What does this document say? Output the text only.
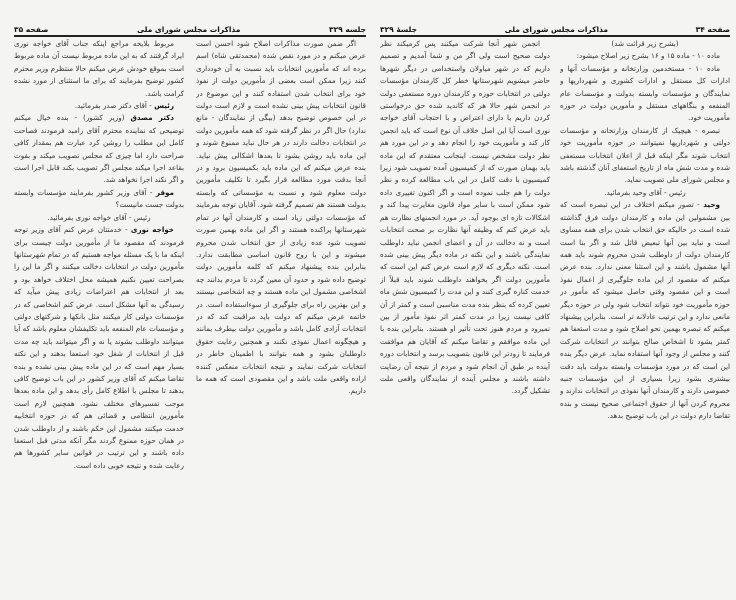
جلسه ۳۲۹
مذاکرات مجلس شورای ملی
صفحه ۳۵

اگر ضمن صورت مذاکرات اصلاح شود احسن است عرض میکنم و در مورد نقص شده (محمدتقی شاه) اسم برده اند که مأمورین انتخابات باید نسبت به آن خودداری کنند زیرا ممکن است بعضی از مأمورین دولت از نفوذ خود برای انتخاب شدن استفاده کنند و این موضوع در قانون انتخابات پیش بینی نشده است و لازم است دولت در این خصوص توضیح بدهد (بیگی از نمایندگان - مانع ندارد) حال اگر در نظر گرفته شود که همه مأمورین دولت در انتخابات دخالت دارند در هر حال نباید ممنوع شوند و این ماده باید روشن بشود تا بعدها اشکالی پیش نیاید. بنده عرض میکنم که این ماده باید بکمیسیون برود و در آنجا بدقت مورد مطالعه قرار بگیرد تا تکلیف مأمورین دولت معلوم شود و نسبت به مؤسساتی که وابسته بدولت هستند هم تصمیم گرفته شود. آقایان توجه بفرمایند که مؤسسات دولتی زیاد است و کارمندان آنها در تمام شهرستانها پراکنده هستند و اگر این ماده بهمین صورت تصویب شود عده زیادی از حق انتخاب شدن محروم میشوند و این با روح قانون اساسی مطابقت ندارد. بنابراین بنده پیشنهاد میکنم که کلمه مأمورین دولت توضیح داده شود و حدود آن معین گردد تا مردم بدانند چه اشخاصی مشمول این ماده هستند و چه اشخاصی نیستند و این بهترین راه برای جلوگیری از سوءاستفاده است. در خاتمه عرض میکنم که دولت باید مراقبت کند که در انتخابات آزادی کامل باشد و مأمورین دولت بیطرف بمانند و هیچگونه اعمال نفوذی نکنند و همچنین رعایت حقوق داوطلبان بشود و همه بتوانند با اطمینان خاطر در انتخابات شرکت نمایند و نتیجه انتخابات منعکس کننده اراده واقعی ملت باشد و این مقصودی است که همه ما داریم.

مربوط بلایحه مراجع اینکه جناب آقای خواجه نوری ایراد گرفتند که به این ماده مربوط نیست آن ماده مربوط است بموقع خودش عرض میکنم حالا منتظرم وزیر محترم کشور توضیح بفرمایند که برای ما استثنای از مورد نشده کرامت باشد.

رئیس - آقای دکتر صدر بفرمائید.

دکتر مصدق (وزیر کشور) - بنده خیال میکنم توضیحی که نماینده محترم آقای رامبد فرمودند فصاحت کامل این مطلب را روشن کرد عبارت هم بمقدار کافی صراحت دارد اما چیزی که مجلس تصویب میکند و بقوت بقاعد اجرا میکند مجلس اگر تصویب بکند قابل اجرا است و اگر نکند اجرا نخواهد شد.

موقر - آقای وزیر کشور بفرمایند مؤسسات وابسته بدولت جست مانیست؟

رئیس - آقای خواجه نوری بفرمائید.

خواجه نوری - خدمتتان عرض کنم آقای وزیر توجه فرمودند که مقصود ما از مأمورین دولت چیست برای اینکه ما با یک مسئله مواجه هستیم که در تمام شهرستانها مأمورین دولت در انتخابات دخالت میکنند و اگر ما این را بصراحت تعیین نکنیم همیشه محل اختلاف خواهد بود و بعد از انتخابات هم اعتراضات زیادی پیش میآید که رسیدگی به آنها مشکل است. عرض کنم اشخاصی که در مؤسسات دولتی کار میکنند مثل بانکها و شرکتهای دولتی و مؤسسات عام المنفعه باید تکلیفشان معلوم باشد که آیا میتوانند داوطلب بشوند یا نه و اگر میتوانند باید چه مدت قبل از انتخابات از شغل خود استعفا بدهند و این نکته بسیار مهم است که در این ماده پیش بینی نشده و بنده تقاضا میکنم که آقای وزیر کشور در این باب توضیح کافی بدهند تا مجلس با اطلاع کامل رأی بدهد و این ماده بعدها موجب تفسیرهای مختلف نشود. همچنین لازم است مأمورین انتظامی و قضائی هم که در حوزه انتخابیه خدمت میکنند مشمول این حکم باشند و از داوطلب شدن در همان حوزه ممنوع گردند مگر آنکه مدتی قبل استعفا داده باشند و این ترتیب در قوانین سایر کشورها هم رعایت شده و نتیجه خوبی داده است.

صفحه ۳۴
مذاکرات مجلس شورای ملی
جلسهٔ ۳۲۹

(بشرح زیر قرائت شد)

ماده ۱۰ - ماده ۱۵ و ۱۶ بشرح زیر اصلاح میشود:

ماده ۱۰ - مستخدمین وزارتخانه و مؤسسات آنها و ادارات کل مستقل و ادارات کشوری و شهرداریها و نمایندگان و مؤسسات وابسته بدولت و مؤسسات عام المنفعه و بنگاههای مستقل و مأمورین دولت در حوزه مأموریت خود.

تبصره - هیچیک از کارمندان وزارتخانه و مؤسسات دولتی و شهرداریها نمیتوانند در حوزه مأموریت خود انتخاب شوند مگر اینکه قبل از اعلان انتخابات مستعفی شده و مدت شش ماه از تاریخ استعفای آنان گذشته باشد و مجلس شورای ملی تصویب نماید.

رئیس - آقای وحید بفرمائید.

وحید - تصور میکنم اختلاف در این تبصره است که بین مشمولین این ماده و کارمندان دولت فرق گذاشته شده است در حالیکه حق انتخاب شدن برای همه مساوی است و نباید بین آنها تبعیض قائل شد و اگر بنا است کارمندان دولت از داوطلب شدن محروم شوند باید همه آنها مشمول باشند و این استثنا معنی ندارد. بنده عرض میکنم که مقصود از این ماده جلوگیری از اعمال نفوذ است و این مقصود وقتی حاصل میشود که مأمور در حوزه مأموریت خود نتواند انتخاب شود ولی در حوزه دیگر مانعی ندارد و این ترتیب عادلانه تر است. بنابراین پیشنهاد میکنم که تبصره بهمین نحو اصلاح شود و مدت استعفا هم کمتر بشود تا اشخاص صالح بتوانند در انتخابات شرکت کنند و مجلس از وجود آنها استفاده نماید. عرض دیگر بنده این است که در مورد مؤسسات وابسته بدولت باید دقت بیشتری بشود زیرا بسیاری از این مؤسسات جنبه خصوصی دارند و کارمندان آنها نفوذی در انتخابات ندارند و محروم کردن آنها از حقوق اجتماعی صحیح نیست و بنده تقاضا دارم دولت در این باب توضیح بدهد.

انجمن شهر آنجا شرکت میکنند پس کرمیکند نظر دولت صحیح است ولی اگر من و شما آمدیم و تصمیم داریم که در شهر میاولان واستخدامی در دیگر شهرها حاضر میشویم شهرستانها خطر کل کارمندان مؤسسات دولتی در انتخابات حوزه و کارمندان دوره مستعفی دولت در انجمن شهر حالا هر که کاندید شده حق درخواستی کردن داریم یا دارای اعتراض و با احتجاب آقای خواجه نوری است آیا این اصل خلاف آن نوع است که باید انجمن کار کند و مأموریت خود را انجام دهد و در این مورد هم نظر دولت مشخص نیست. اینجانب معتقدم که این ماده باید بهمان صورت که از کمیسیون آمده تصویب شود زیرا کمیسیون با دقت کامل در این باب مطالعه کرده و نظر دولت را هم جلب نموده است و اگر اکنون تغییری داده شود ممکن است با سایر مواد قانون مغایرت پیدا کند و اشکالات تازه ای بوجود آید. در مورد انجمنهای نظارت هم باید عرض کنم که وظیفه آنها نظارت بر صحت انتخابات است و نه دخالت در آن و اعضای انجمن نباید داوطلب نمایندگی باشند و این نکته در ماده دیگر پیش بینی شده است. نکته دیگری که لازم است عرض کنم این است که مأمورین دولت اگر بخواهند داوطلب شوند باید قبلاً از خدمت کناره گیری کنند و این مدت را کمیسیون شش ماه تعیین کرده که بنظر بنده مدت مناسبی است و کمتر از آن کافی نیست زیرا در مدت کمتر اثر نفوذ مأمور از بین نمیرود و مردم هنوز تحت تأثیر او هستند. بنابراین بنده با این ماده موافقم و تقاضا میکنم که آقایان هم موافقت فرمایند تا زودتر این قانون بتصویب برسد و انتخابات دوره آینده بر طبق آن انجام شود و مردم از نتیجه آن رضایت داشته باشند و مجلس آینده از نمایندگان واقعی ملت تشکیل گردد.
